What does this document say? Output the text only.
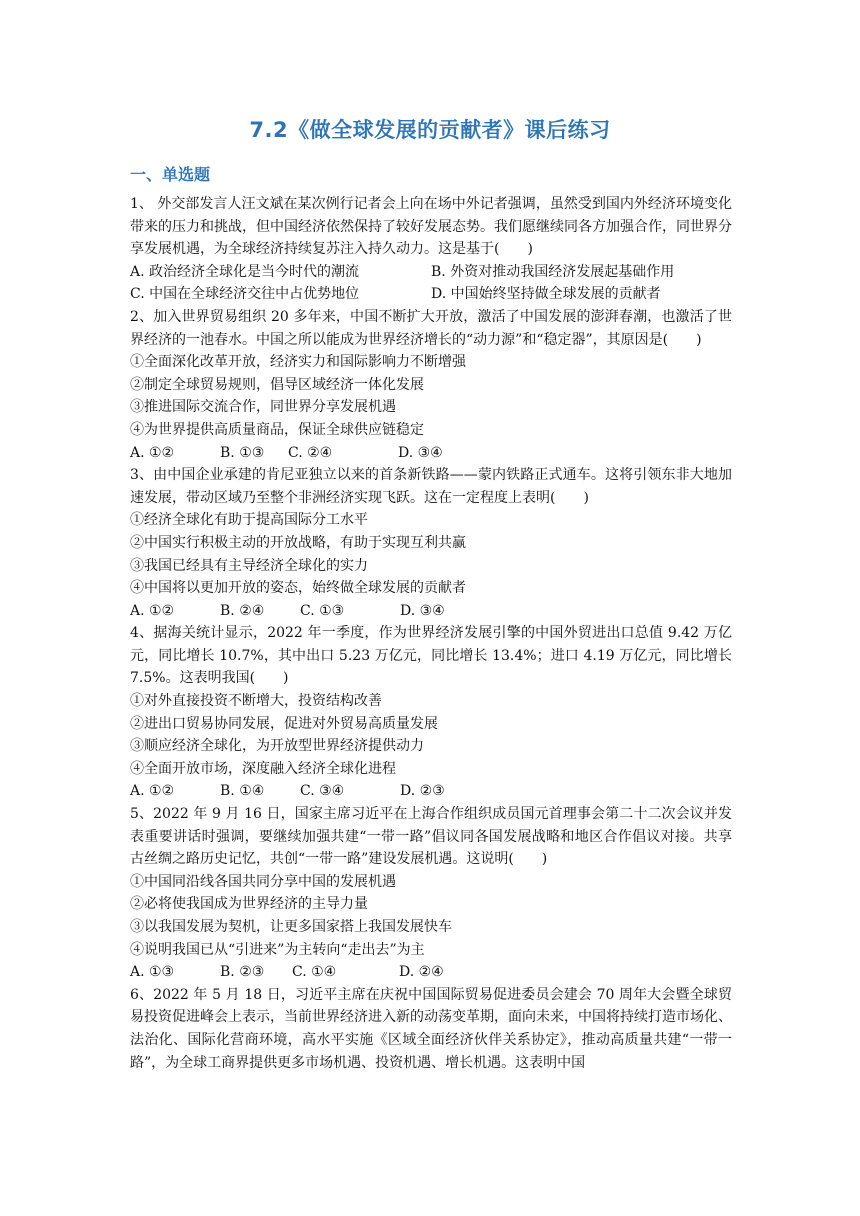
7.2《做全球发展的贡献者》课后练习
一、单选题

1、 外交部发言人汪文斌在某次例行记者会上向在场中外记者强调，虽然受到国内外经济环境变化带来的压力和挑战，但中国经济依然保持了较好发展态势。我们愿继续同各方加强合作，同世界分享发展机遇，为全球经济持续复苏注入持久动力。这是基于(　　)

A. 政治经济全球化是当今时代的潮流	B. 外资对推动我国经济发展起基础作用
C. 中国在全球经济交往中占优势地位	D. 中国始终坚持做全球发展的贡献者

2、加入世界贸易组织 20 多年来，中国不断扩大开放，激活了中国发展的澎湃春潮，也激活了世界经济的一池春水。中国之所以能成为世界经济增长的“动力源”和“稳定器”，其原因是(　　)

①全面深化改革开放，经济实力和国际影响力不断增强

②制定全球贸易规则，倡导区域经济一体化发展

③推进国际交流合作，同世界分享发展机遇

④为世界提供高质量商品，保证全球供应链稳定

A. ①②	B. ①③	C. ②④	D. ③④

3、由中国企业承建的肯尼亚独立以来的首条新铁路——蒙内铁路正式通车。这将引领东非大地加速发展，带动区域乃至整个非洲经济实现飞跃。这在一定程度上表明(　　)

①经济全球化有助于提高国际分工水平

②中国实行积极主动的开放战略，有助于实现互利共赢

③我国已经具有主导经济全球化的实力

④中国将以更加开放的姿态，始终做全球发展的贡献者

A. ①②	B. ②④	C. ①③	D. ③④

4、据海关统计显示，2022 年一季度，作为世界经济发展引擎的中国外贸进出口总值 9.42 万亿元，同比增长 10.7%，其中出口 5.23 万亿元，同比增长 13.4%；进口 4.19 万亿元，同比增长 7.5%。这表明我国(　　)

①对外直接投资不断增大，投资结构改善

②进出口贸易协同发展，促进对外贸易高质量发展

③顺应经济全球化，为开放型世界经济提供动力

④全面开放市场，深度融入经济全球化进程

A. ①②	B. ①④	C. ③④	D. ②③

5、2022 年 9 月 16 日，国家主席习近平在上海合作组织成员国元首理事会第二十二次会议并发表重要讲话时强调，要继续加强共建“一带一路”倡议同各国发展战略和地区合作倡议对接。共享古丝绸之路历史记忆，共创“一带一路”建设发展机遇。这说明(　　)

①中国同沿线各国共同分享中国的发展机遇

②必将使我国成为世界经济的主导力量

③以我国发展为契机，让更多国家搭上我国发展快车

④说明我国已从“引进来”为主转向“走出去”为主

A. ①③	B. ②③	C. ①④	D. ②④

6、2022 年 5 月 18 日，习近平主席在庆祝中国国际贸易促进委员会建会 70 周年大会暨全球贸易投资促进峰会上表示，当前世界经济进入新的动荡变革期，面向未来，中国将持续打造市场化、法治化、国际化营商环境，高水平实施《区域全面经济伙伴关系协定》，推动高质量共建“一带一路”，为全球工商界提供更多市场机遇、投资机遇、增长机遇。这表明中国
